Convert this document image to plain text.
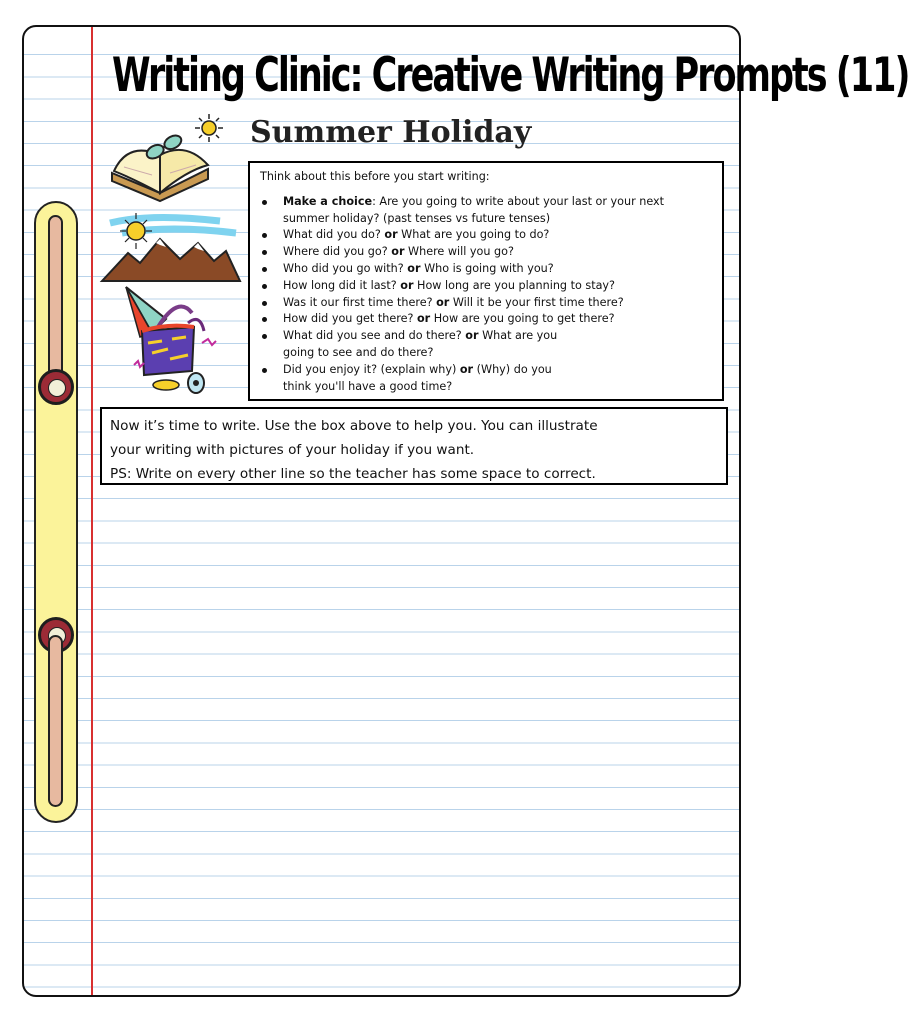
Writing Clinic: Creative Writing Prompts (11)
Summer Holiday

Think about this before you start writing:

Make a choice: Are you going to write about your last or your next summer holiday? (past tenses vs future tenses)
What did you do? or What are you going to do?
Where did you go? or Where will you go?
Who did you go with? or Who is going with you?
How long did it last? or How long are you planning to stay?
Was it our first time there? or Will it be your first time there?
How did you get there? or How are you going to get there?
What did you see and do there? or What are you going to see and do there?
Did you enjoy it? (explain why) or (Why) do you think you'll have a good time?

Now it’s time to write. Use the box above to help you. You can illustrate

your writing with pictures of your holiday if you want.

PS: Write on every other line so the teacher has some space to correct.
